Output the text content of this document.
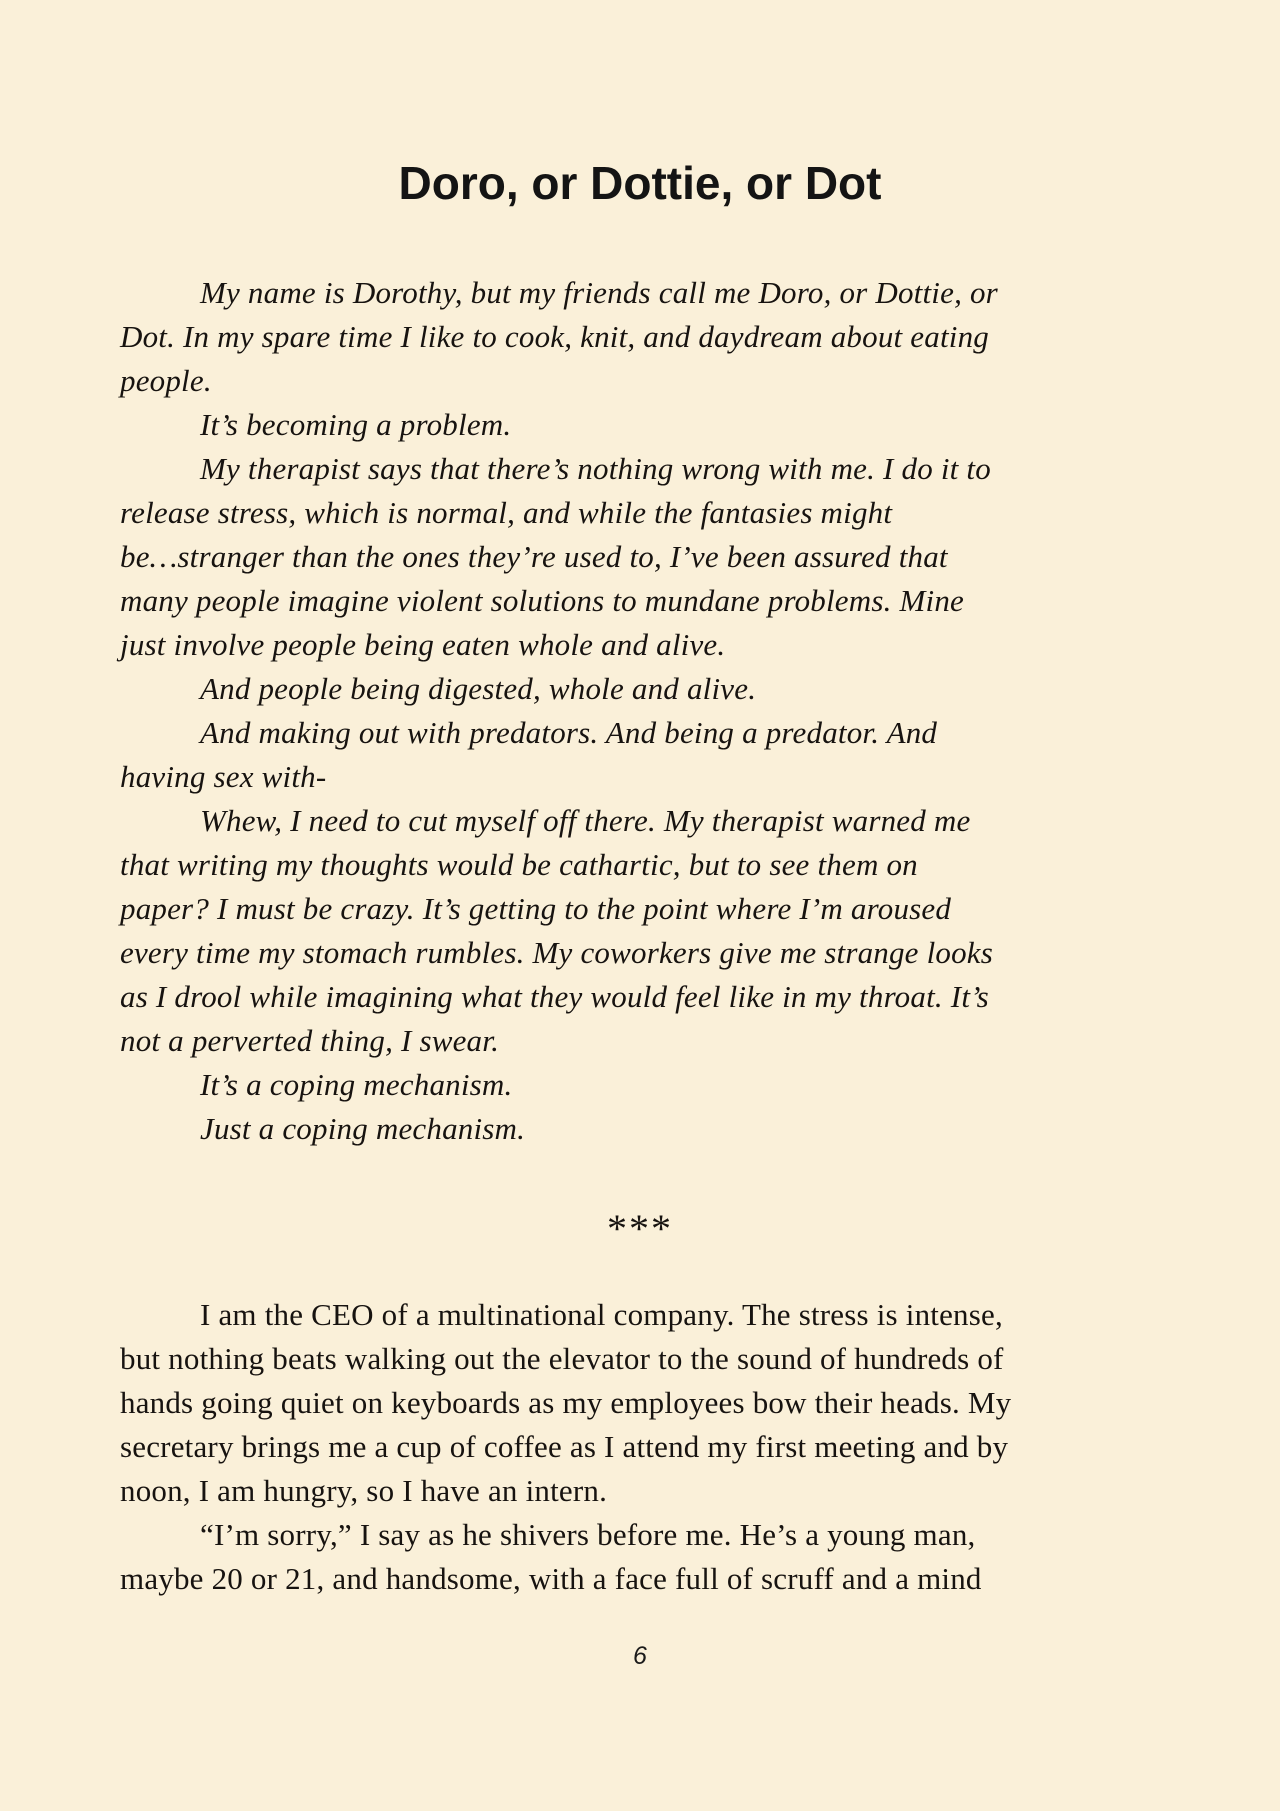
Doro, or Dottie, or Dot
My name is Dorothy, but my friends call me Doro, or Dottie, or
Dot. In my spare time I like to cook, knit, and daydream about eating
people.
It’s becoming a problem.
My therapist says that there’s nothing wrong with me. I do it to
release stress, which is normal, and while the fantasies might
be…stranger than the ones they’re used to, I’ve been assured that
many people imagine violent solutions to mundane problems. Mine
just involve people being eaten whole and alive.
And people being digested, whole and alive.
And making out with predators. And being a predator. And
having sex with-
Whew, I need to cut myself off there. My therapist warned me
that writing my thoughts would be cathartic, but to see them on
paper? I must be crazy. It’s getting to the point where I’m aroused
every time my stomach rumbles. My coworkers give me strange looks
as I drool while imagining what they would feel like in my throat. It’s
not a perverted thing, I swear.
It’s a coping mechanism.
Just a coping mechanism.
***
I am the CEO of a multinational company. The stress is intense,
but nothing beats walking out the elevator to the sound of hundreds of
hands going quiet on keyboards as my employees bow their heads. My
secretary brings me a cup of coffee as I attend my first meeting and by
noon, I am hungry, so I have an intern.
“I’m sorry,” I say as he shivers before me. He’s a young man,
maybe 20 or 21, and handsome, with a face full of scruff and a mind
6
